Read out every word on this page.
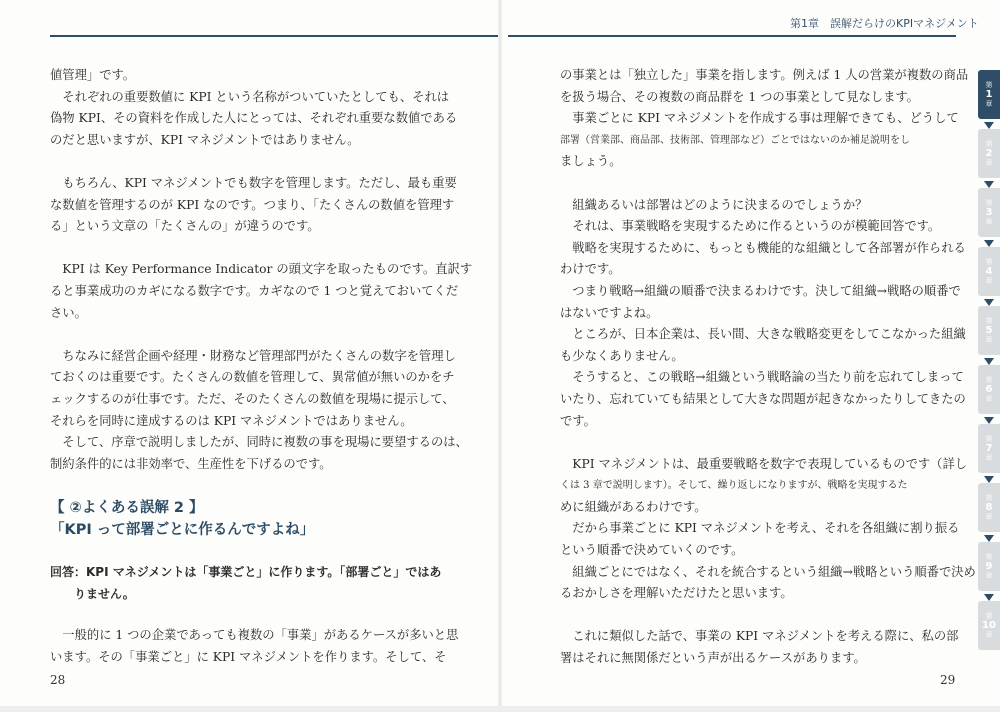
値管理」です。

　それぞれの重要数値に KPI という名称がついていたとしても、それは

偽物 KPI、その資料を作成した人にとっては、それぞれ重要な数値である

のだと思いますが、KPI マネジメントではありません。

　もちろん、KPI マネジメントでも数字を管理します。ただし、最も重要

な数値を管理するのが KPI なのです。つまり、「たくさんの数値を管理す

る」という文章の「たくさんの」が違うのです。

　KPI は Key Performance Indicator の頭文字を取ったものです。直訳す

ると事業成功のカギになる数字です。カギなので 1 つと覚えておいてくだ

さい。

　ちなみに経営企画や経理・財務など管理部門がたくさんの数字を管理し

ておくのは重要です。たくさんの数値を管理して、異常値が無いのかをチ

ェックするのが仕事です。ただ、そのたくさんの数値を現場に提示して、

それらを同時に達成するのは KPI マネジメントではありません。

　そして、序章で説明しましたが、同時に複数の事を現場に要望するのは、

制約条件的には非効率で、生産性を下げるのです。

【 ②よくある誤解 2 】

「KPI って部署ごとに作るんですよね」

回答：KPI マネジメントは「事業ごと」に作ります。「部署ごと」ではあ

りません。

　一般的に 1 つの企業であっても複数の「事業」があるケースが多いと思

います。その「事業ごと」に KPI マネジメントを作ります。そして、そ

28
第1章　誤解だらけのKPIマネジメント

の事業とは「独立した」事業を指します。例えば 1 人の営業が複数の商品

を扱う場合、その複数の商品群を 1 つの事業として見なします。

　事業ごとに KPI マネジメントを作成する事は理解できても、どうして

部署（営業部、商品部、技術部、管理部など）ごとではないのか補足説明をし

ましょう。

　組織あるいは部署はどのように決まるのでしょうか？

　それは、事業戦略を実現するために作るというのが模範回答です。

　戦略を実現するために、もっとも機能的な組織として各部署が作られる

わけです。

　つまり戦略→組織の順番で決まるわけです。決して組織→戦略の順番で

はないですよね。

　ところが、日本企業は、長い間、大きな戦略変更をしてこなかった組織

も少なくありません。

　そうすると、この戦略→組織という戦略論の当たり前を忘れてしまって

いたり、忘れていても結果として大きな問題が起きなかったりしてきたの

です。

　KPI マネジメントは、最重要戦略を数字で表現しているものです（詳し

くは 3 章で説明します）。そして、繰り返しになりますが、戦略を実現するた

めに組織があるわけです。

　だから事業ごとに KPI マネジメントを考え、それを各組織に割り振る

という順番で決めていくのです。

　組織ごとにではなく、それを統合するという組織→戦略という順番で決め

るおかしさを理解いただけたと思います。

　これに類似した話で、事業の KPI マネジメントを考える際に、私の部

署はそれに無関係だという声が出るケースがあります。

29
第
1
章
第
2
章
第
3
章
第
4
章
第
5
章
第
6
章
第
7
章
第
8
章
第
9
章
第
10
章
